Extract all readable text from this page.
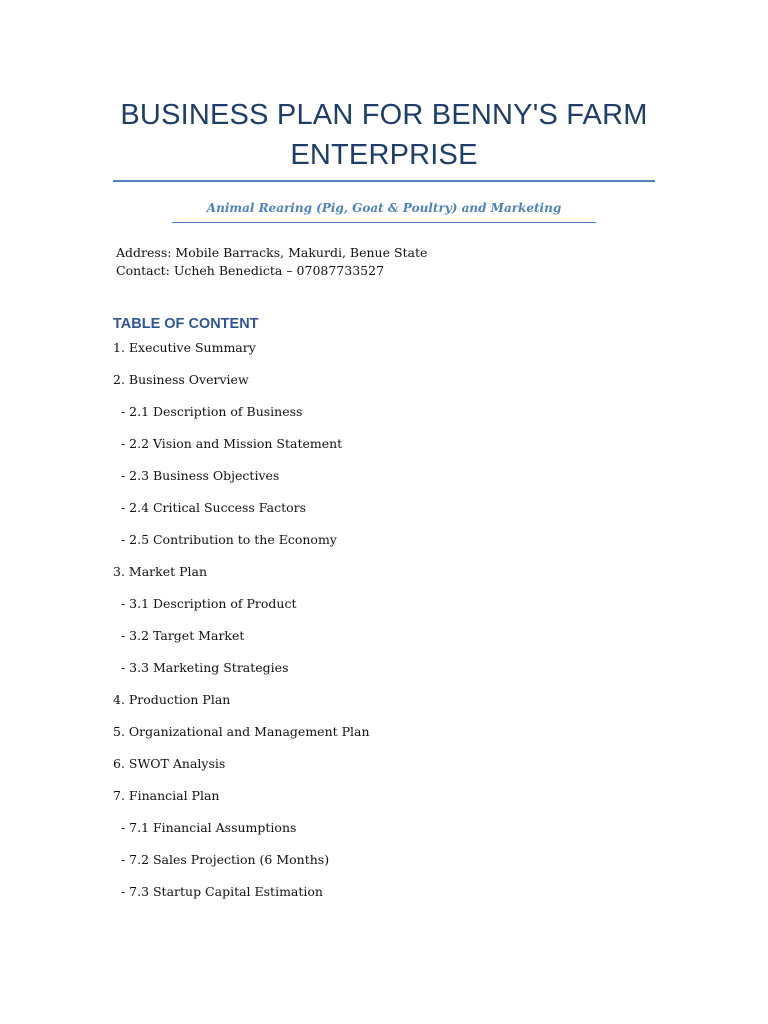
BUSINESS PLAN FOR BENNY'S FARM
ENTERPRISE
Animal Rearing (Pig, Goat & Poultry) and Marketing
Address: Mobile Barracks, Makurdi, Benue State
Contact: Ucheh Benedicta – 07087733527
TABLE OF CONTENT
1. Executive Summary
2. Business Overview
- 2.1 Description of Business
- 2.2 Vision and Mission Statement
- 2.3 Business Objectives
- 2.4 Critical Success Factors
- 2.5 Contribution to the Economy
3. Market Plan
- 3.1 Description of Product
- 3.2 Target Market
- 3.3 Marketing Strategies
4. Production Plan
5. Organizational and Management Plan
6. SWOT Analysis
7. Financial Plan
- 7.1 Financial Assumptions
- 7.2 Sales Projection (6 Months)
- 7.3 Startup Capital Estimation
